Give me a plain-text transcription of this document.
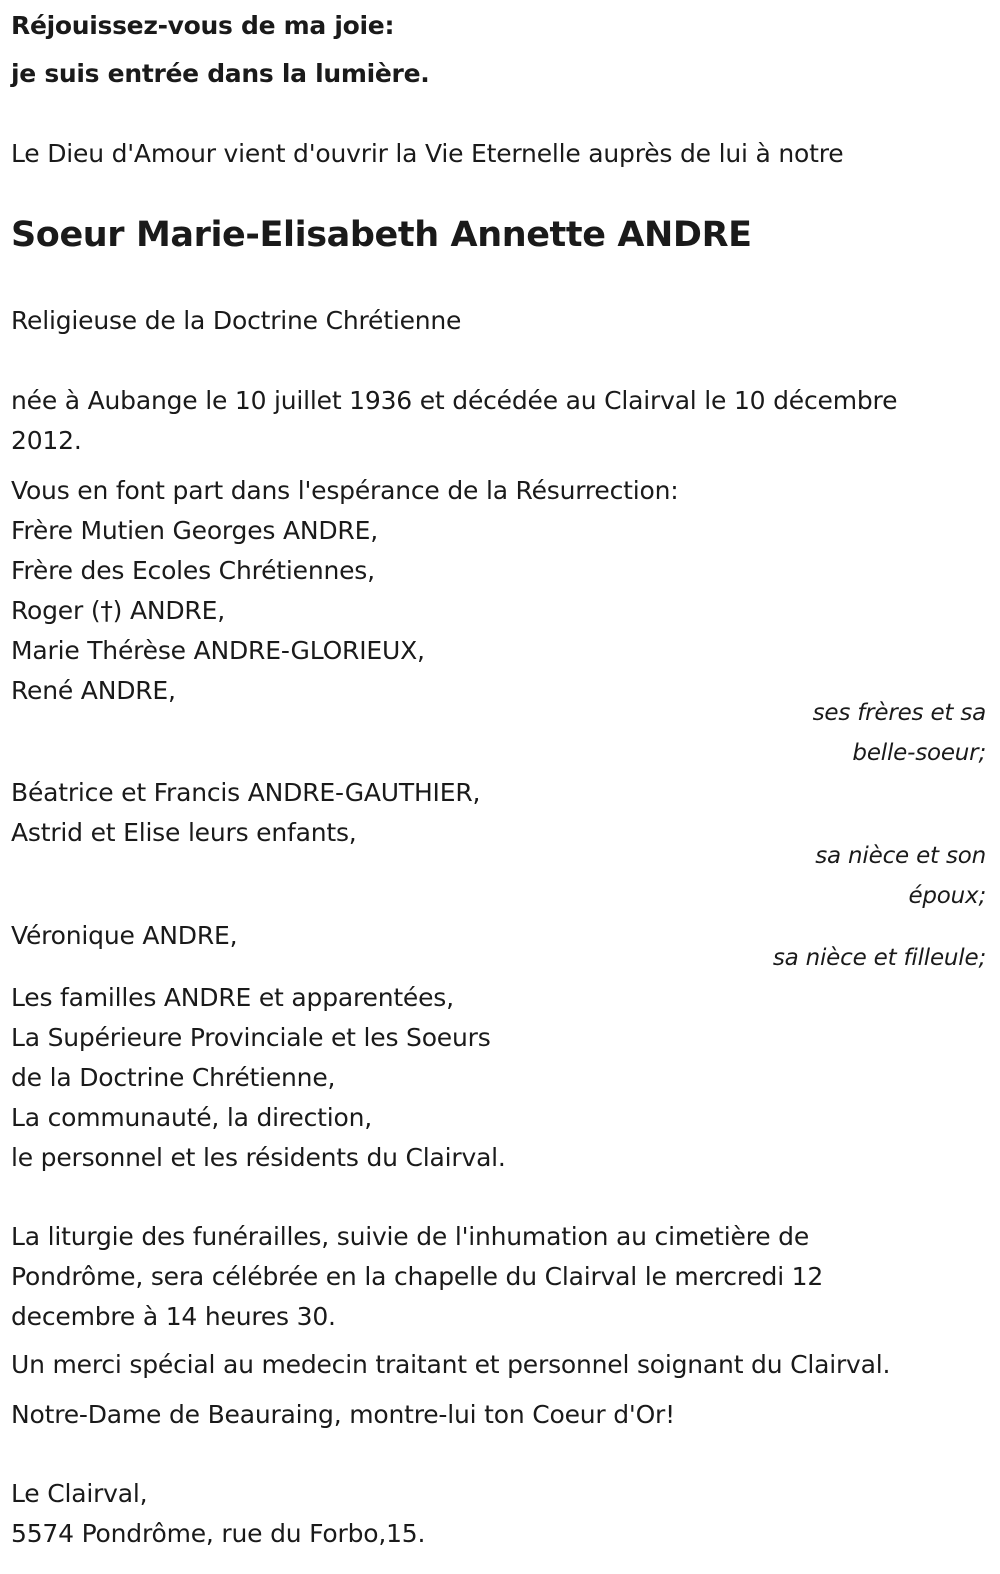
Réjouissez-vous de ma joie:
je suis entrée dans la lumière.
Le Dieu d'Amour vient d'ouvrir la Vie Eternelle auprès de lui à notre
Soeur Marie-Elisabeth Annette ANDRE
Religieuse de la Doctrine Chrétienne
née à Aubange le 10 juillet 1936 et décédée au Clairval le 10 décembre
2012.
Vous en font part dans l'espérance de la Résurrection:
Frère Mutien Georges ANDRE,
Frère des Ecoles Chrétiennes,
Roger (†) ANDRE,
Marie Thérèse ANDRE-GLORIEUX,
René ANDRE,
ses frères et sa
belle-soeur;
Béatrice et Francis ANDRE-GAUTHIER,
Astrid et Elise leurs enfants,
sa nièce et son
époux;
Véronique ANDRE,
sa nièce et filleule;
Les familles ANDRE et apparentées,
La Supérieure Provinciale et les Soeurs
de la Doctrine Chrétienne,
La communauté, la direction,
le personnel et les résidents du Clairval.
La liturgie des funérailles, suivie de l'inhumation au cimetière de
Pondrôme, sera célébrée en la chapelle du Clairval le mercredi 12
decembre à 14 heures 30.
Un merci spécial au medecin traitant et personnel soignant du Clairval.
Notre-Dame de Beauraing, montre-lui ton Coeur d'Or!
Le Clairval,
5574 Pondrôme, rue du Forbo,15.
